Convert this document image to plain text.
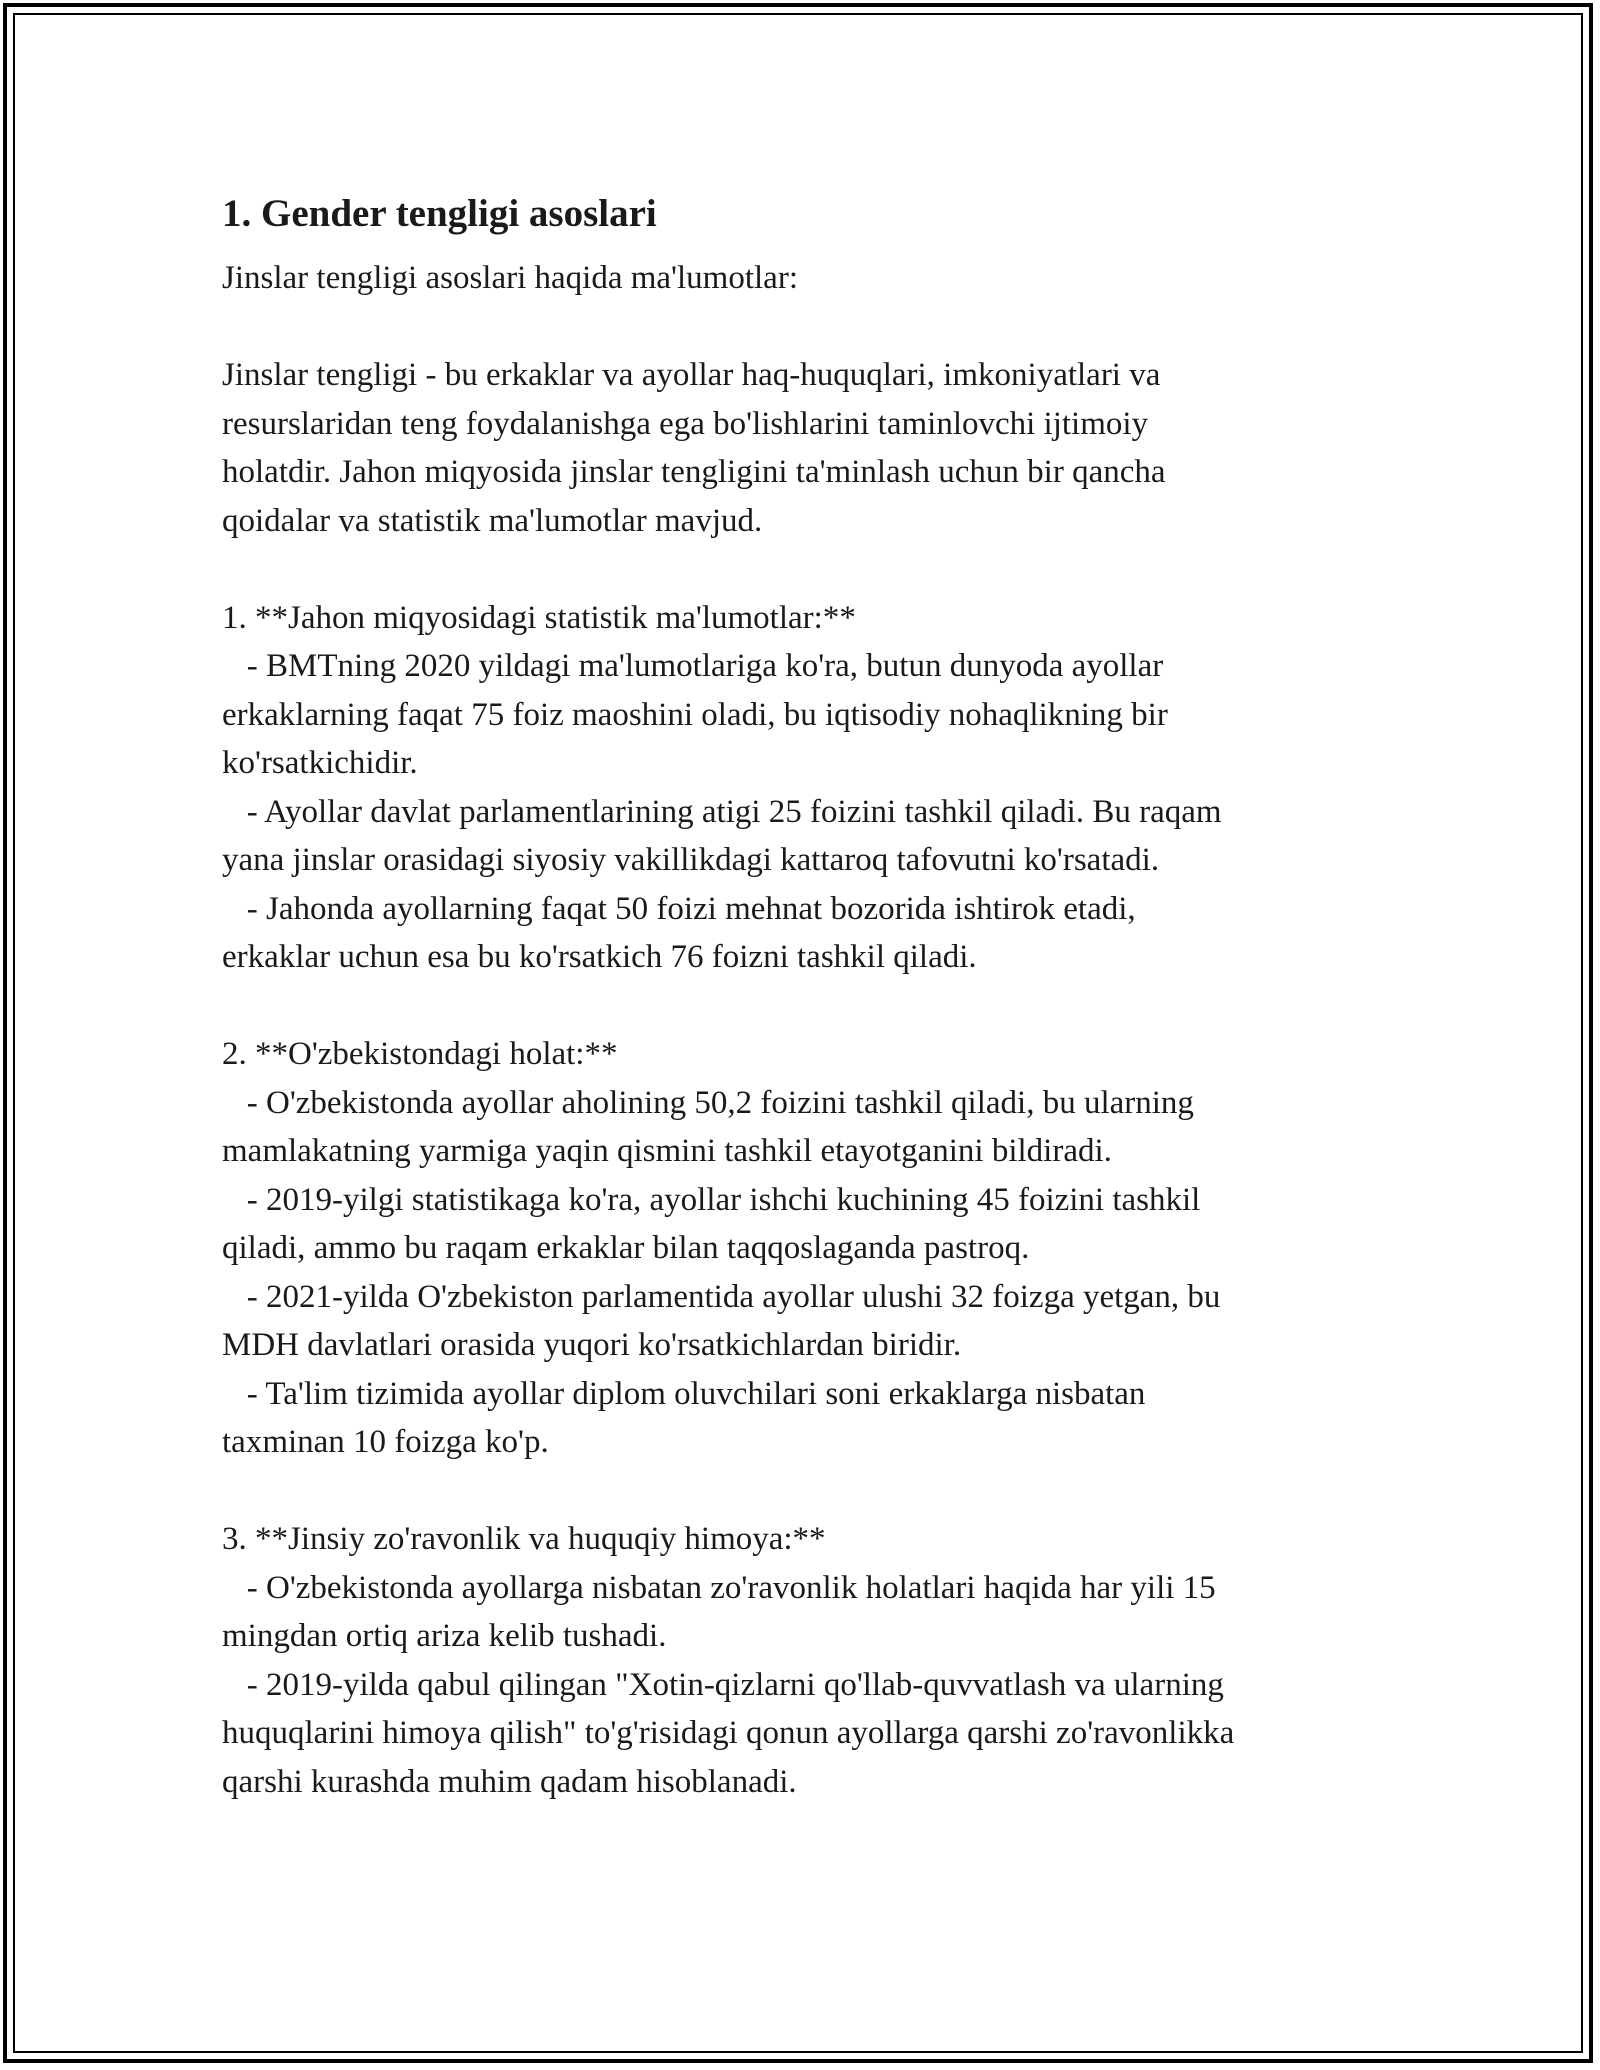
1. Gender tengligi asoslari
Jinslar tengligi asoslari haqida ma'lumotlar:
Jinslar tengligi - bu erkaklar va ayollar haq-huquqlari, imkoniyatlari va
resurslaridan teng foydalanishga ega bo'lishlarini taminlovchi ijtimoiy
holatdir. Jahon miqyosida jinslar tengligini ta'minlash uchun bir qancha
qoidalar va statistik ma'lumotlar mavjud.
1. **Jahon miqyosidagi statistik ma'lumotlar:**
- BMTning 2020 yildagi ma'lumotlariga ko'ra, butun dunyoda ayollar
erkaklarning faqat 75 foiz maoshini oladi, bu iqtisodiy nohaqlikning bir
ko'rsatkichidir.
- Ayollar davlat parlamentlarining atigi 25 foizini tashkil qiladi. Bu raqam
yana jinslar orasidagi siyosiy vakillikdagi kattaroq tafovutni ko'rsatadi.
- Jahonda ayollarning faqat 50 foizi mehnat bozorida ishtirok etadi,
erkaklar uchun esa bu ko'rsatkich 76 foizni tashkil qiladi.
2. **O'zbekistondagi holat:**
- O'zbekistonda ayollar aholining 50,2 foizini tashkil qiladi, bu ularning
mamlakatning yarmiga yaqin qismini tashkil etayotganini bildiradi.
- 2019-yilgi statistikaga ko'ra, ayollar ishchi kuchining 45 foizini tashkil
qiladi, ammo bu raqam erkaklar bilan taqqoslaganda pastroq.
- 2021-yilda O'zbekiston parlamentida ayollar ulushi 32 foizga yetgan, bu
MDH davlatlari orasida yuqori ko'rsatkichlardan biridir.
- Ta'lim tizimida ayollar diplom oluvchilari soni erkaklarga nisbatan
taxminan 10 foizga ko'p.
3. **Jinsiy zo'ravonlik va huquqiy himoya:**
- O'zbekistonda ayollarga nisbatan zo'ravonlik holatlari haqida har yili 15
mingdan ortiq ariza kelib tushadi.
- 2019-yilda qabul qilingan "Xotin-qizlarni qo'llab-quvvatlash va ularning
huquqlarini himoya qilish" to'g'risidagi qonun ayollarga qarshi zo'ravonlikka
qarshi kurashda muhim qadam hisoblanadi.
